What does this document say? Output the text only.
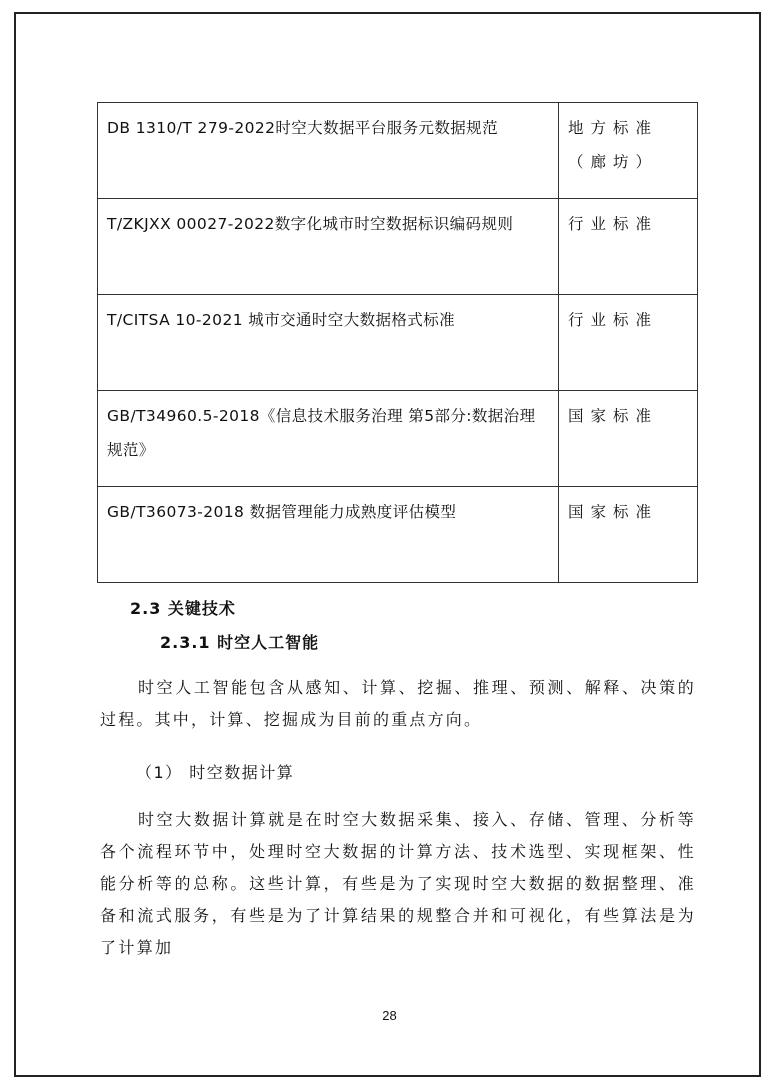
DB 1310/T 279-2022时空大数据平台服务元数据规范	地方标准（廊坊）
T/ZKJXX 00027-2022数字化城市时空数据标识编码规则	行业标准
T/CITSA 10-2021 城市交通时空大数据格式标准	行业标准
GB/T34960.5-2018《信息技术服务治理 第5部分:数据治理规范》	国家标准
GB/T36073-2018 数据管理能力成熟度评估模型	国家标准
2.3 关键技术
2.3.1 时空人工智能

时空人工智能包含从感知、计算、挖掘、推理、预测、解释、决策的过程。其中，计算、挖掘成为目前的重点方向。

（1） 时空数据计算

时空大数据计算就是在时空大数据采集、接入、存储、管理、分析等各个流程环节中，处理时空大数据的计算方法、技术选型、实现框架、性能分析等的总称。这些计算，有些是为了实现时空大数据的数据整理、准备和流式服务，有些是为了计算结果的规整合并和可视化，有些算法是为了计算加

28
